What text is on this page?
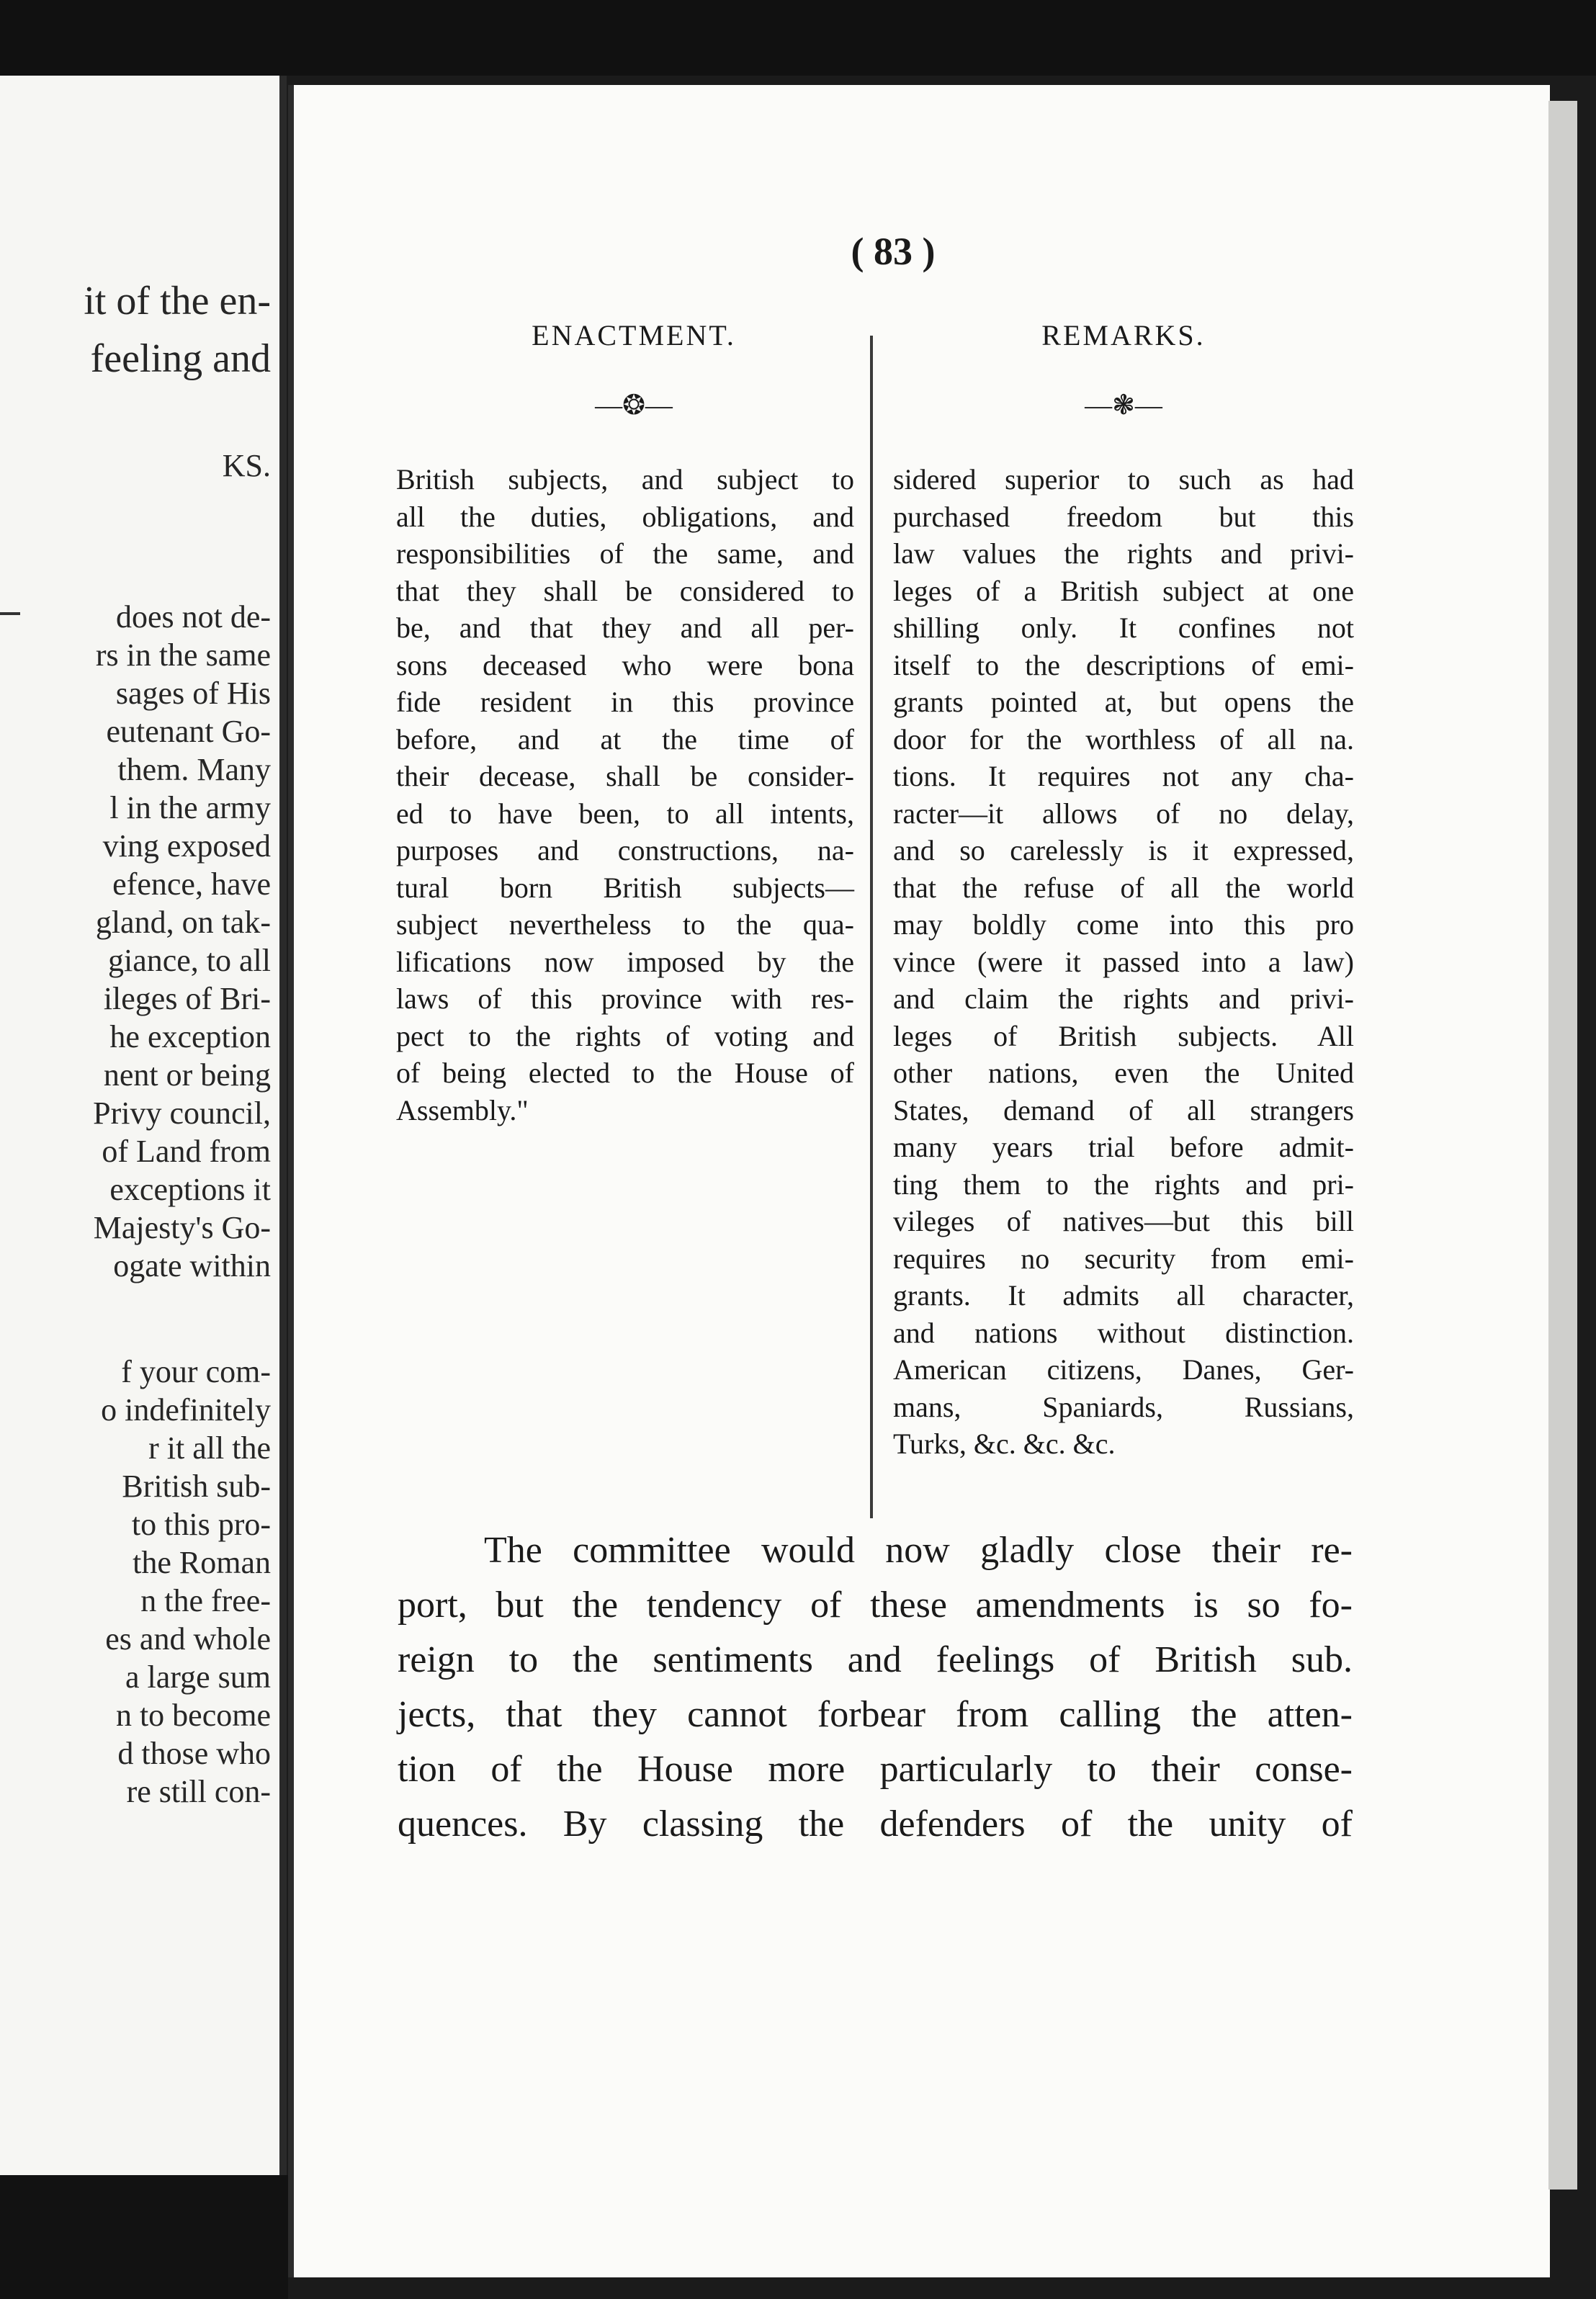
it of the en-
feeling and
KS.
does not de-
rs in the same
sages of His
eutenant Go-
them. Many
l in the army
ving exposed
efence, have
gland, on tak-
giance, to all
ileges of Bri-
he exception
nent or being
Privy council,
of Land from
exceptions it
Majesty's Go-
ogate within
f your com-
o indefinitely
r it all the
British sub-
to this pro-
the Roman
n the free-
es and whole
a large sum
n to become
d those who
re still con-
( 83 )
ENACTMENT.	REMARKS.
—❂—	—❃—
British subjects, and subject to
all the duties, obligations, and
responsibilities of the same, and
that they shall be considered to
be, and that they and all per-
sons deceased who were bona
fide resident in this province
before, and at the time of
their decease, shall be consider-
ed to have been, to all intents,
purposes and constructions, na-
tural born British subjects—
subject nevertheless to the qua-
lifications now imposed by the
laws of this province with res-
pect to the rights of voting and
of being elected to the House of
Assembly."
sidered superior to such as had
purchased freedom but this
law values the rights and privi-
leges of a British subject at one
shilling only. It confines not
itself to the descriptions of emi-
grants pointed at, but opens the
door for the worthless of all na.
tions. It requires not any cha-
racter—it allows of no delay,
and so carelessly is it expressed,
that the refuse of all the world
may boldly come into this pro
vince (were it passed into a law)
and claim the rights and privi-
leges of British subjects. All
other nations, even the United
States, demand of all strangers
many years trial before admit-
ting them to the rights and pri-
vileges of natives—but this bill
requires no security from emi-
grants. It admits all character,
and nations without distinction.
American citizens, Danes, Ger-
mans, Spaniards, Russians,
Turks, &c. &c. &c.
The committee would now gladly close their re-
port, but the tendency of these amendments is so fo-
reign to the sentiments and feelings of British sub.
jects, that they cannot forbear from calling the atten-
tion of the House more particularly to their conse-
quences. By classing the defenders of the unity of
